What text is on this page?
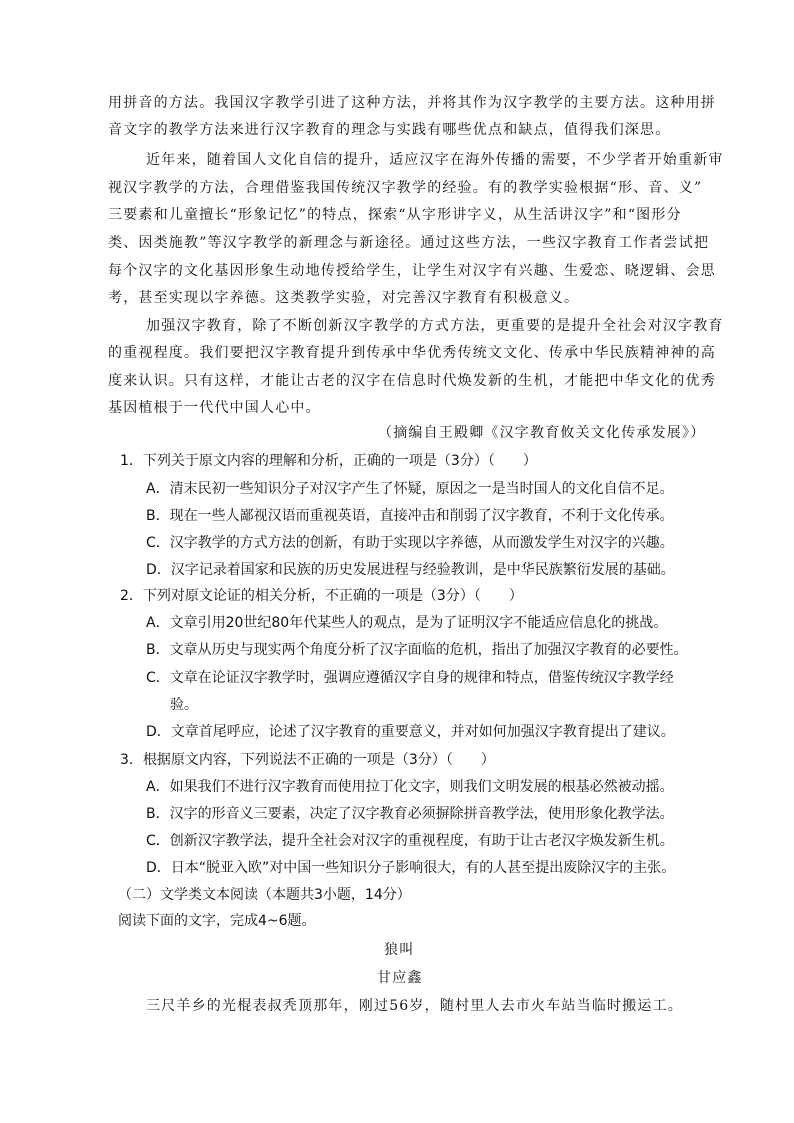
用拼音的方法。我国汉字教学引进了这种方法，并将其作为汉字教学的主要方法。这种用拼
音文字的教学方法来进行汉字教育的理念与实践有哪些优点和缺点，值得我们深思。
近年来，随着国人文化自信的提升，适应汉字在海外传播的需要，不少学者开始重新审
视汉字教学的方法，合理借鉴我国传统汉字教学的经验。有的教学实验根据“形、音、义”
三要素和儿童擅长“形象记忆”的特点，探索“从字形讲字义，从生活讲汉字”和“图形分
类、因类施教”等汉字教学的新理念与新途径。通过这些方法，一些汉字教育工作者尝试把
每个汉字的文化基因形象生动地传授给学生，让学生对汉字有兴趣、生爱恋、晓逻辑、会思
考，甚至实现以字养德。这类教学实验，对完善汉字教育有积极意义。
加强汉字教育，除了不断创新汉字教学的方式方法，更重要的是提升全社会对汉字教育
的重视程度。我们要把汉字教育提升到传承中华优秀传统文文化、传承中华民族精神神的高
度来认识。只有这样，才能让古老的汉字在信息时代焕发新的生机，才能把中华文化的优秀
基因植根于一代代中国人心中。
（摘编自王殿卿《汉字教育攸关文化传承发展》）
1．下列关于原文内容的理解和分析，正确的一项是（3分）（　　）
A．清末民初一些知识分子对汉字产生了怀疑，原因之一是当时国人的文化自信不足。
B．现在一些人鄙视汉语而重视英语，直接冲击和削弱了汉字教育，不利于文化传承。
C．汉字教学的方式方法的创新，有助于实现以字养德，从而激发学生对汉字的兴趣。
D．汉字记录着国家和民族的历史发展进程与经验教训，是中华民族繁衍发展的基础。
2．下列对原文论证的相关分析，不正确的一项是（3分）（　　）
A．文章引用20世纪80年代某些人的观点，是为了证明汉字不能适应信息化的挑战。
B．文章从历史与现实两个角度分析了汉字面临的危机，指出了加强汉字教育的必要性。
C．文章在论证汉字教学时，强调应遵循汉字自身的规律和特点，借鉴传统汉字教学经
验。
D．文章首尾呼应，论述了汉字教育的重要意义，并对如何加强汉字教育提出了建议。
3．根据原文内容，下列说法不正确的一项是（3分）（　　）
A．如果我们不进行汉字教育而使用拉丁化文字，则我们文明发展的根基必然被动摇。
B．汉字的形音义三要素，决定了汉字教育必须摒除拼音教学法，使用形象化教学法。
C．创新汉字教学法，提升全社会对汉字的重视程度，有助于让古老汉字焕发新生机。
D．日本“脱亚入欧”对中国一些知识分子影响很大，有的人甚至提出废除汉字的主张。
（二）文学类文本阅读（本题共3小题，14分）
阅读下面的文字，完成4~6题。
狼叫
甘应鑫
三尺羊乡的光棍表叔秃顶那年，刚过56岁，随村里人去市火车站当临时搬运工。
